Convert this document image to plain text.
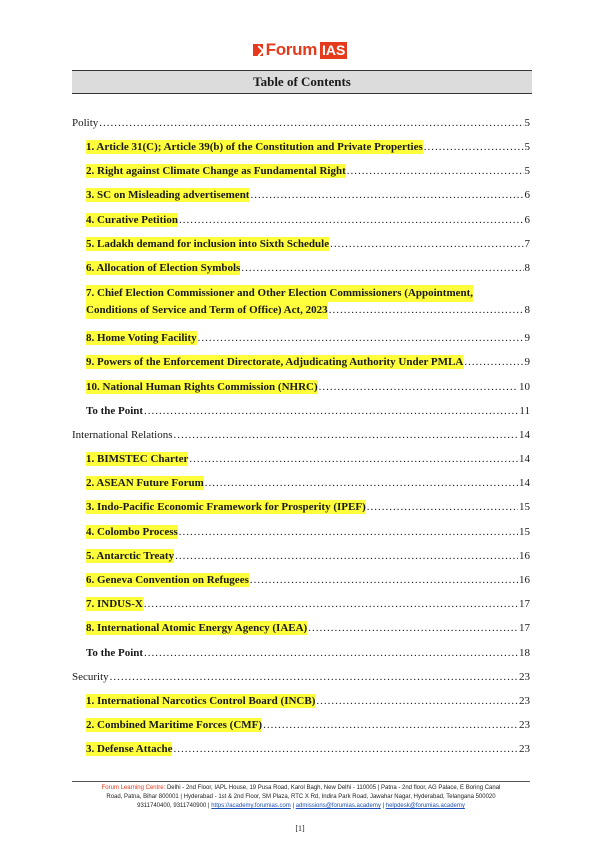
Forum IAS
Table of Contents
Polity .....	5
1. Article 31(C); Article 39(b) of the Constitution and Private Properties .....	5
2. Right against Climate Change as Fundamental Right .....	5
3. SC on Misleading advertisement .....	6
4. Curative Petition .....	6
5. Ladakh demand for inclusion into Sixth Schedule .....	7
6. Allocation of Election Symbols .....	8
7. Chief Election Commissioner and Other Election Commissioners (Appointment,
Conditions of Service and Term of Office) Act, 2023 .....	8
8. Home Voting Facility .....	9
9. Powers of the Enforcement Directorate, Adjudicating Authority Under PMLA .....	9
10. National Human Rights Commission (NHRC) .....	10
To the Point .....	11
International Relations .....	14
1. BIMSTEC Charter .....	14
2. ASEAN Future Forum .....	14
3. Indo-Pacific Economic Framework for Prosperity (IPEF) .....	15
4. Colombo Process .....	15
5. Antarctic Treaty .....	16
6. Geneva Convention on Refugees .....	16
7. INDUS-X .....	17
8. International Atomic Energy Agency (IAEA) .....	17
To the Point .....	18
Security .....	23
1. International Narcotics Control Board (INCB) .....	23
2. Combined Maritime Forces (CMF) .....	23
3. Defense Attache .....	23
Forum Learning Centre: Delhi - 2nd Floor, IAPL House, 19 Pusa Road, Karol Bagh, New Delhi - 110005 | Patna - 2nd floor, AG Palace, E Boring Canal
Road, Patna, Bihar 800001 | Hyderabad - 1st & 2nd Floor, SM Plaza, RTC X Rd, Indira Park Road, Jawahar Nagar, Hyderabad, Telangana 500020
9311740400, 9311740900 | https://academy.forumias.com | admissions@forumias.academy | helpdesk@forumias.academy
[1]
